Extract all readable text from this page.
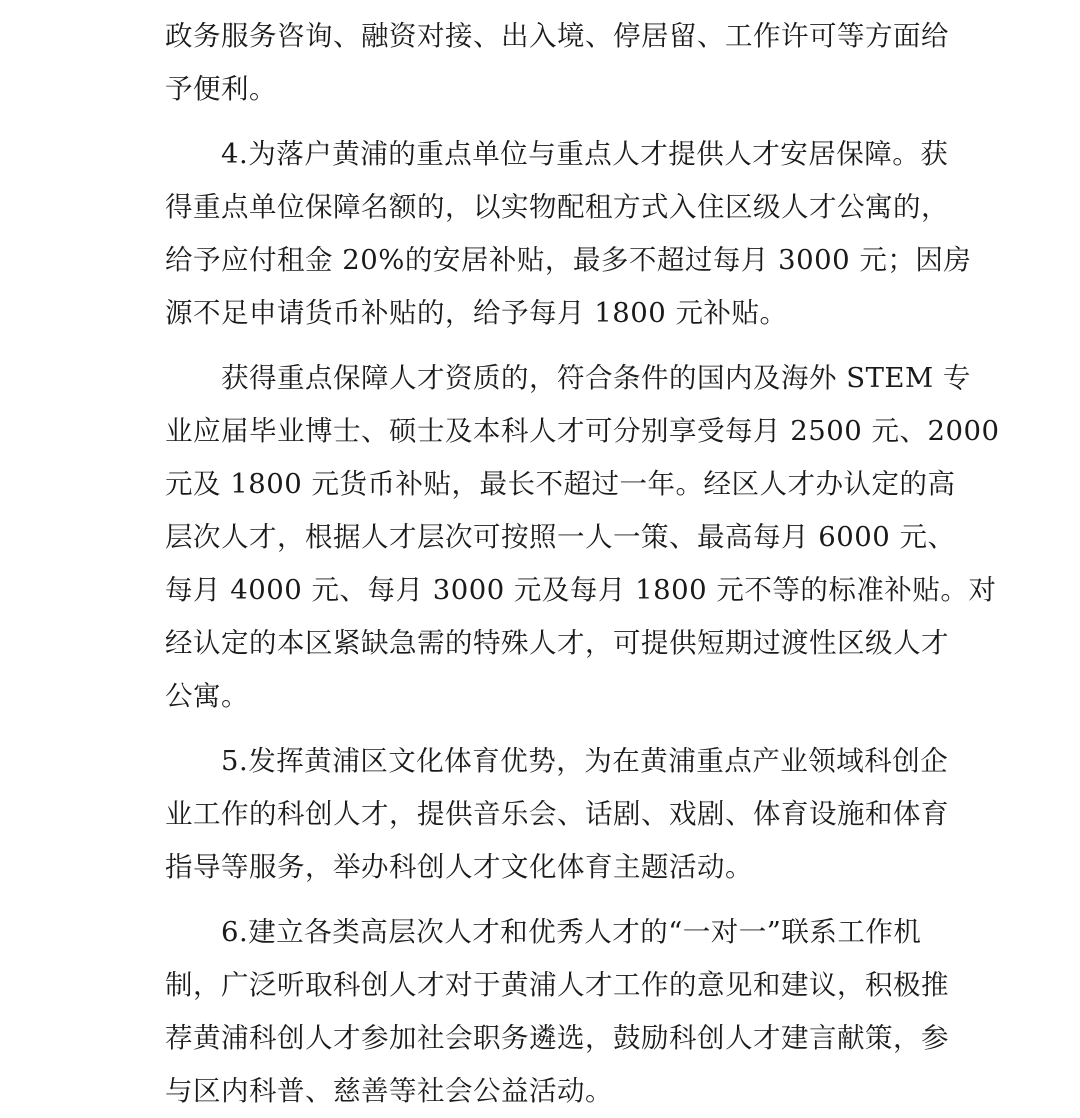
政务服务咨询、融资对接、出入境、停居留、工作许可等方面给
予便利。
　　4.为落户黄浦的重点单位与重点人才提供人才安居保障。获
得重点单位保障名额的，以实物配租方式入住区级人才公寓的，
给予应付租金 20%的安居补贴，最多不超过每月 3000 元；因房
源不足申请货币补贴的，给予每月 1800 元补贴。
　　获得重点保障人才资质的，符合条件的国内及海外 STEM 专
业应届毕业博士、硕士及本科人才可分别享受每月 2500 元、2000
元及 1800 元货币补贴，最长不超过一年。经区人才办认定的高
层次人才，根据人才层次可按照一人一策、最高每月 6000 元、
每月 4000 元、每月 3000 元及每月 1800 元不等的标准补贴。对
经认定的本区紧缺急需的特殊人才，可提供短期过渡性区级人才
公寓。
　　5.发挥黄浦区文化体育优势，为在黄浦重点产业领域科创企
业工作的科创人才，提供音乐会、话剧、戏剧、体育设施和体育
指导等服务，举办科创人才文化体育主题活动。
　　6.建立各类高层次人才和优秀人才的“一对一”联系工作机
制，广泛听取科创人才对于黄浦人才工作的意见和建议，积极推
荐黄浦科创人才参加社会职务遴选，鼓励科创人才建言献策，参
与区内科普、慈善等社会公益活动。
